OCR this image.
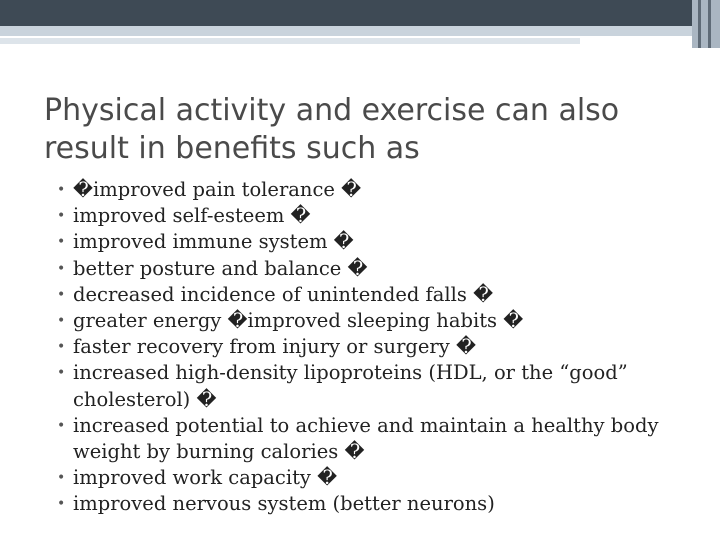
Physical activity and exercise can also result in benefits such as
• �improved pain tolerance �
• improved self-esteem �
• improved immune system �
• better posture and balance �
• decreased incidence of unintended falls �
• greater energy �improved sleeping habits �
• faster recovery from injury or surgery �
• increased high-density lipoproteins (HDL, or the “good” cholesterol) �
• increased potential to achieve and maintain a healthy body weight by burning calories �
• improved work capacity �
• improved nervous system (better neurons)
